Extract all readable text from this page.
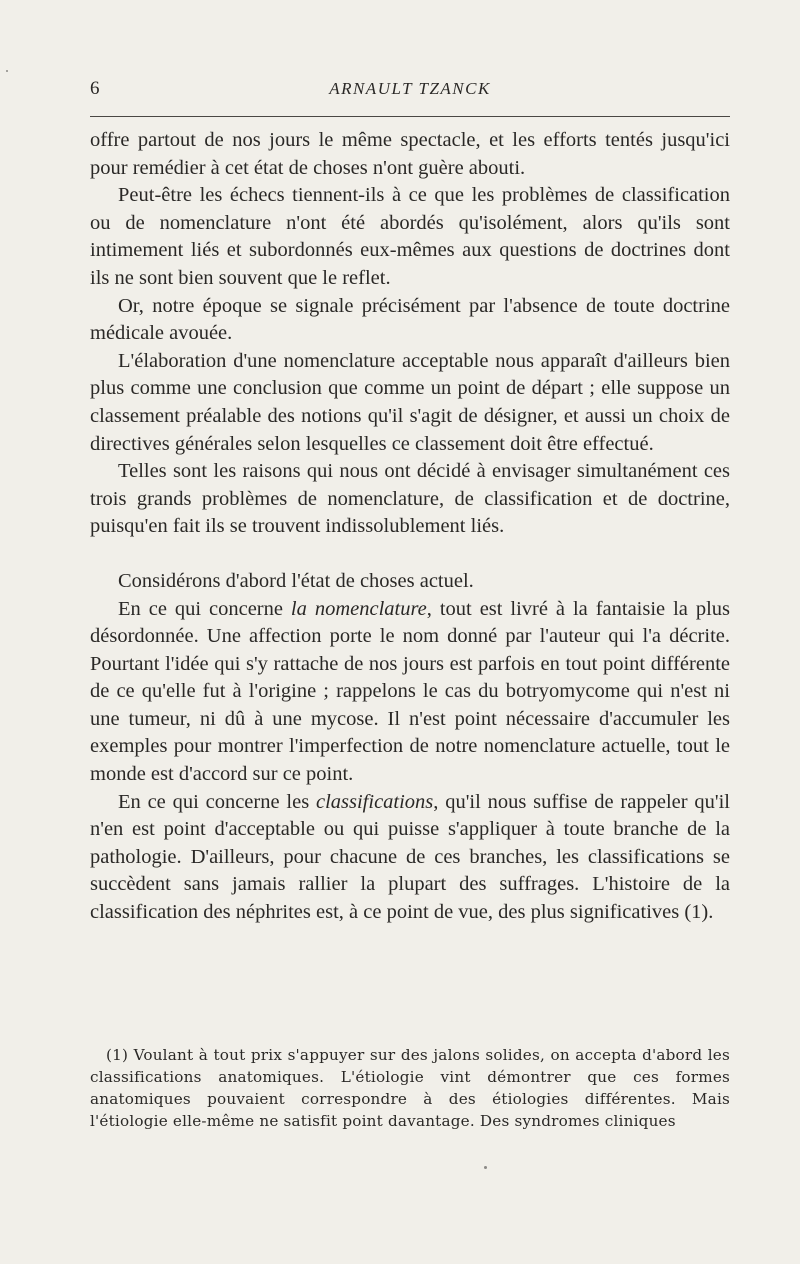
6	ARNAULT TZANCK

offre partout de nos jours le même spectacle, et les efforts tentés jusqu'ici pour remédier à cet état de choses n'ont guère abouti.

Peut-être les échecs tiennent-ils à ce que les problèmes de classification ou de nomenclature n'ont été abordés qu'isolément, alors qu'ils sont intimement liés et subordonnés eux-mêmes aux questions de doctrines dont ils ne sont bien souvent que le reflet.

Or, notre époque se signale précisément par l'absence de toute doctrine médicale avouée.

L'élaboration d'une nomenclature acceptable nous apparaît d'ailleurs bien plus comme une conclusion que comme un point de départ ; elle suppose un classement préalable des notions qu'il s'agit de désigner, et aussi un choix de directives générales selon lesquelles ce classement doit être effectué.

Telles sont les raisons qui nous ont décidé à envisager simultanément ces trois grands problèmes de nomenclature, de classification et de doctrine, puisqu'en fait ils se trouvent indissolublement liés.

Considérons d'abord l'état de choses actuel.

En ce qui concerne la nomenclature, tout est livré à la fantaisie la plus désordonnée. Une affection porte le nom donné par l'auteur qui l'a décrite. Pourtant l'idée qui s'y rattache de nos jours est parfois en tout point différente de ce qu'elle fut à l'origine ; rappelons le cas du botryomycome qui n'est ni une tumeur, ni dû à une mycose. Il n'est point nécessaire d'accumuler les exemples pour montrer l'imperfection de notre nomenclature actuelle, tout le monde est d'accord sur ce point.

En ce qui concerne les classifications, qu'il nous suffise de rappeler qu'il n'en est point d'acceptable ou qui puisse s'appliquer à toute branche de la pathologie. D'ailleurs, pour chacune de ces branches, les classifications se succèdent sans jamais rallier la plupart des suffrages. L'histoire de la classification des néphrites est, à ce point de vue, des plus significatives (1).

(1) Voulant à tout prix s'appuyer sur des jalons solides, on accepta d'abord les classifications anatomiques. L'étiologie vint démontrer que ces formes anatomiques pouvaient correspondre à des étiologies différentes. Mais l'étiologie elle-même ne satisfit point davantage. Des syndromes cliniques
